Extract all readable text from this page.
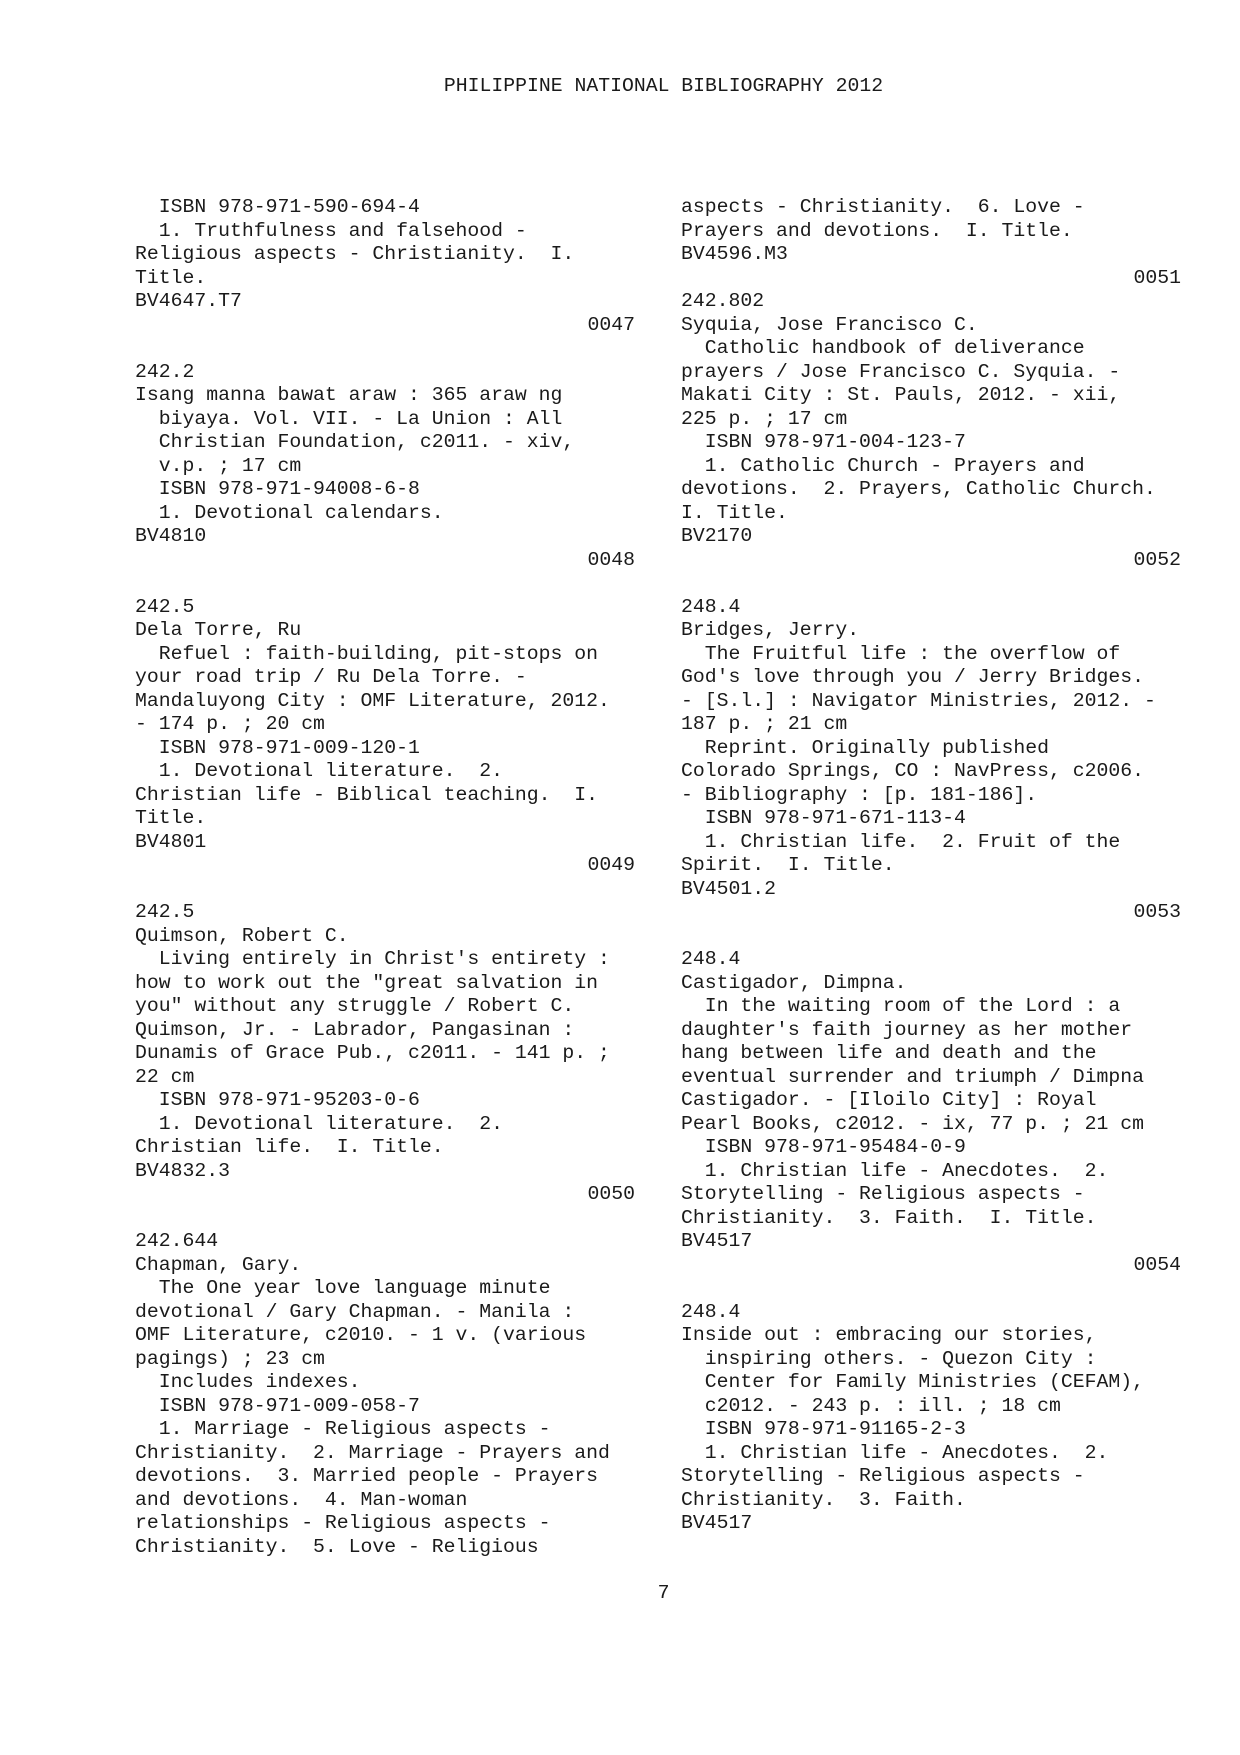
PHILIPPINE NATIONAL BIBLIOGRAPHY 2012
ISBN 978-971-590-694-4
1. Truthfulness and falsehood -
Religious aspects - Christianity.  I.
Title.
BV4647.T7
0047
242.2
Isang manna bawat araw : 365 araw ng
biyaya. Vol. VII. - La Union : All
Christian Foundation, c2011. - xiv,
v.p. ; 17 cm
ISBN 978-971-94008-6-8
1. Devotional calendars.
BV4810
0048
242.5
Dela Torre, Ru
Refuel : faith-building, pit-stops on
your road trip / Ru Dela Torre. -
Mandaluyong City : OMF Literature, 2012.
- 174 p. ; 20 cm
ISBN 978-971-009-120-1
1. Devotional literature.  2.
Christian life - Biblical teaching.  I.
Title.
BV4801
0049
242.5
Quimson, Robert C.
Living entirely in Christ's entirety :
how to work out the "great salvation in
you" without any struggle / Robert C.
Quimson, Jr. - Labrador, Pangasinan :
Dunamis of Grace Pub., c2011. - 141 p. ;
22 cm
ISBN 978-971-95203-0-6
1. Devotional literature.  2.
Christian life.  I. Title.
BV4832.3
0050
242.644
Chapman, Gary.
The One year love language minute
devotional / Gary Chapman. - Manila :
OMF Literature, c2010. - 1 v. (various
pagings) ; 23 cm
Includes indexes.
ISBN 978-971-009-058-7
1. Marriage - Religious aspects -
Christianity.  2. Marriage - Prayers and
devotions.  3. Married people - Prayers
and devotions.  4. Man-woman
relationships - Religious aspects -
Christianity.  5. Love - Religious
aspects - Christianity.  6. Love -
Prayers and devotions.  I. Title.
BV4596.M3
0051
242.802
Syquia, Jose Francisco C.
Catholic handbook of deliverance
prayers / Jose Francisco C. Syquia. -
Makati City : St. Pauls, 2012. - xii,
225 p. ; 17 cm
ISBN 978-971-004-123-7
1. Catholic Church - Prayers and
devotions.  2. Prayers, Catholic Church.
I. Title.
BV2170
0052
248.4
Bridges, Jerry.
The Fruitful life : the overflow of
God's love through you / Jerry Bridges.
- [S.l.] : Navigator Ministries, 2012. -
187 p. ; 21 cm
Reprint. Originally published
Colorado Springs, CO : NavPress, c2006.
- Bibliography : [p. 181-186].
ISBN 978-971-671-113-4
1. Christian life.  2. Fruit of the
Spirit.  I. Title.
BV4501.2
0053
248.4
Castigador, Dimpna.
In the waiting room of the Lord : a
daughter's faith journey as her mother
hang between life and death and the
eventual surrender and triumph / Dimpna
Castigador. - [Iloilo City] : Royal
Pearl Books, c2012. - ix, 77 p. ; 21 cm
ISBN 978-971-95484-0-9
1. Christian life - Anecdotes.  2.
Storytelling - Religious aspects -
Christianity.  3. Faith.  I. Title.
BV4517
0054
248.4
Inside out : embracing our stories,
inspiring others. - Quezon City :
Center for Family Ministries (CEFAM),
c2012. - 243 p. : ill. ; 18 cm
ISBN 978-971-91165-2-3
1. Christian life - Anecdotes.  2.
Storytelling - Religious aspects -
Christianity.  3. Faith.
BV4517
7
